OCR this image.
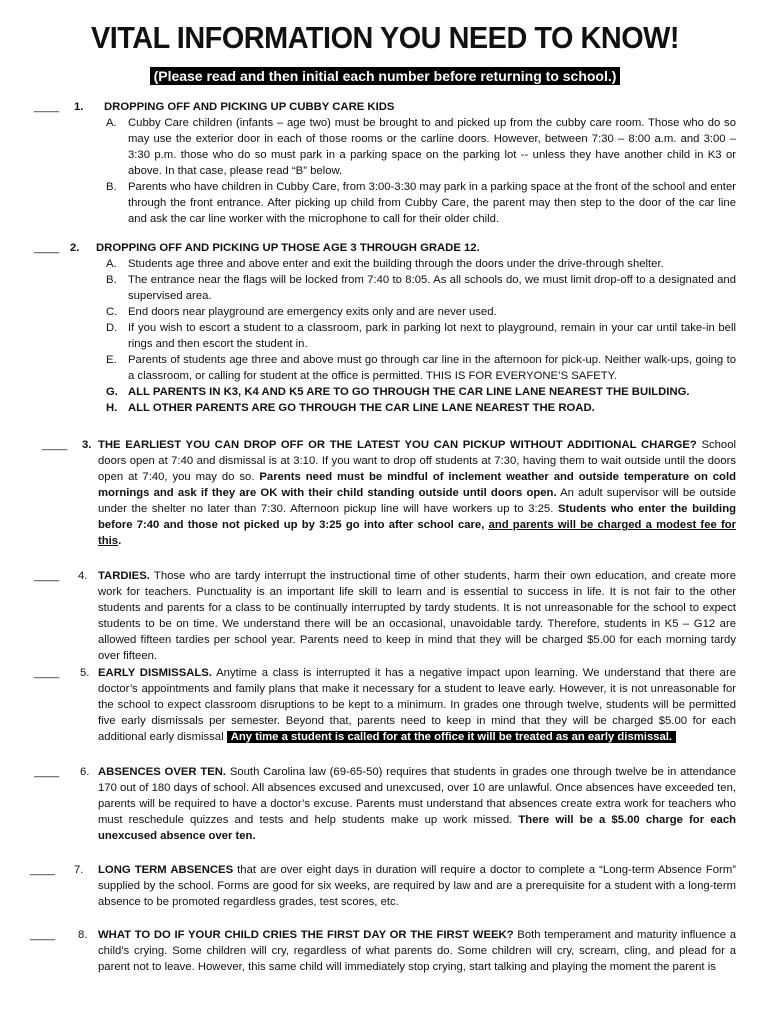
VITAL INFORMATION YOU NEED TO KNOW!
(Please read and then initial each number before returning to school.)
____ 1. DROPPING OFF AND PICKING UP CUBBY CARE KIDS
A. Cubby Care children (infants – age two) must be brought to and picked up from the cubby care room. Those who do so may use the exterior door in each of those rooms or the carline doors. However, between 7:30 – 8:00 a.m. and 3:00 – 3:30 p.m. those who do so must park in a parking space on the parking lot -- unless they have another child in K3 or above. In that case, please read “B” below.
B. Parents who have children in Cubby Care, from 3:00-3:30 may park in a parking space at the front of the school and enter through the front entrance. After picking up child from Cubby Care, the parent may then step to the door of the car line and ask the car line worker with the microphone to call for their older child.
____ 2. DROPPING OFF AND PICKING UP THOSE AGE 3 THROUGH GRADE 12.
A. Students age three and above enter and exit the building through the doors under the drive-through shelter.
B. The entrance near the flags will be locked from 7:40 to 8:05. As all schools do, we must limit drop-off to a designated and supervised area.
C. End doors near playground are emergency exits only and are never used.
D. If you wish to escort a student to a classroom, park in parking lot next to playground, remain in your car until take-in bell rings and then escort the student in.
E. Parents of students age three and above must go through car line in the afternoon for pick-up. Neither walk-ups, going to a classroom, or calling for student at the office is permitted. THIS IS FOR EVERYONE’S SAFETY.
G. ALL PARENTS IN K3, K4 AND K5 ARE TO GO THROUGH THE CAR LINE LANE NEAREST THE BUILDING.
H. ALL OTHER PARENTS ARE GO THROUGH THE CAR LINE LANE NEAREST THE ROAD.
____ 3. THE EARLIEST YOU CAN DROP OFF OR THE LATEST YOU CAN PICKUP WITHOUT ADDITIONAL CHARGE? School doors open at 7:40 and dismissal is at 3:10. If you want to drop off students at 7:30, having them to wait outside until the doors open at 7:40, you may do so. Parents need must be mindful of inclement weather and outside temperature on cold mornings and ask if they are OK with their child standing outside until doors open. An adult supervisor will be outside under the shelter no later than 7:30. Afternoon pickup line will have workers up to 3:25. Students who enter the building before 7:40 and those not picked up by 3:25 go into after school care, and parents will be charged a modest fee for this.
____ 4. TARDIES. Those who are tardy interrupt the instructional time of other students, harm their own education, and create more work for teachers. Punctuality is an important life skill to learn and is essential to success in life. It is not fair to the other students and parents for a class to be continually interrupted by tardy students. It is not unreasonable for the school to expect students to be on time. We understand there will be an occasional, unavoidable tardy. Therefore, students in K5 – G12 are allowed fifteen tardies per school year. Parents need to keep in mind that they will be charged $5.00 for each morning tardy over fifteen.
____ 5. EARLY DISMISSALS. Anytime a class is interrupted it has a negative impact upon learning. We understand that there are doctor’s appointments and family plans that make it necessary for a student to leave early. However, it is not unreasonable for the school to expect classroom disruptions to be kept to a minimum. In grades one through twelve, students will be permitted five early dismissals per semester. Beyond that, parents need to keep in mind that they will be charged $5.00 for each additional early dismissal Any time a student is called for at the office it will be treated as an early dismissal.
____ 6. ABSENCES OVER TEN. South Carolina law (69-65-50) requires that students in grades one through twelve be in attendance 170 out of 180 days of school. All absences excused and unexcused, over 10 are unlawful. Once absences have exceeded ten, parents will be required to have a doctor’s excuse. Parents must understand that absences create extra work for teachers who must reschedule quizzes and tests and help students make up work missed. There will be a $5.00 charge for each unexcused absence over ten.
____ 7. LONG TERM ABSENCES that are over eight days in duration will require a doctor to complete a “Long-term Absence Form” supplied by the school. Forms are good for six weeks, are required by law and are a prerequisite for a student with a long-term absence to be promoted regardless grades, test scores, etc.
____ 8. WHAT TO DO IF YOUR CHILD CRIES THE FIRST DAY OR THE FIRST WEEK? Both temperament and maturity influence a child’s crying. Some children will cry, regardless of what parents do. Some children will cry, scream, cling, and plead for a parent not to leave. However, this same child will immediately stop crying, start talking and playing the moment the parent is
